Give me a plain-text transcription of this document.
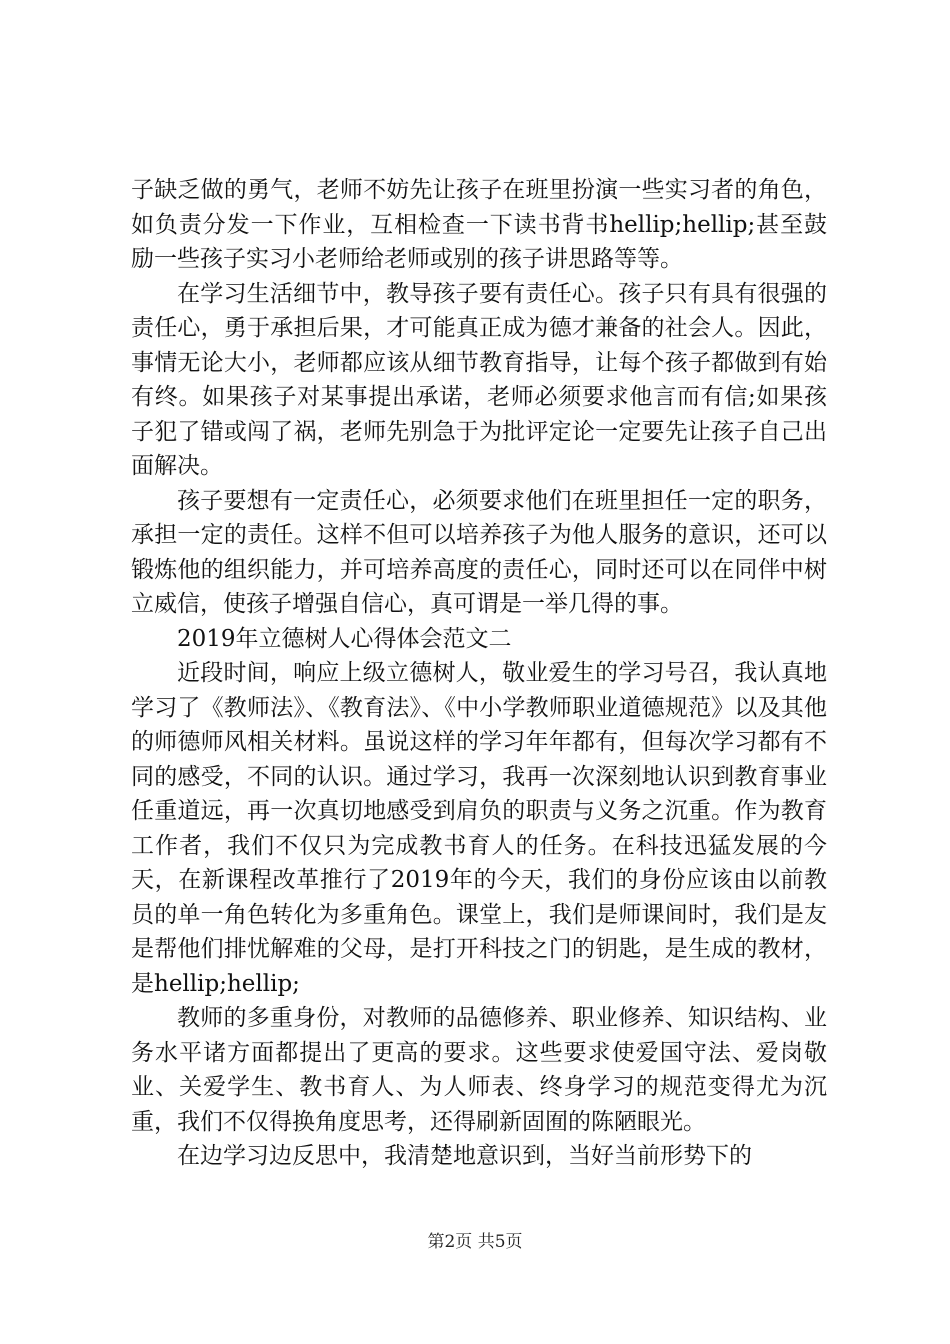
子缺乏做的勇气，老师不妨先让孩子在班里扮演一些实习者的角色，如负责分发一下作业，互相检查一下读书背书hellip;hellip;甚至鼓励一些孩子实习小老师给老师或别的孩子讲思路等等。

在学习生活细节中，教导孩子要有责任心。孩子只有具有很强的责任心，勇于承担后果，才可能真正成为德才兼备的社会人。因此，事情无论大小，老师都应该从细节教育指导，让每个孩子都做到有始有终。如果孩子对某事提出承诺，老师必须要求他言而有信;如果孩子犯了错或闯了祸，老师先别急于为批评定论一定要先让孩子自己出面解决。

孩子要想有一定责任心，必须要求他们在班里担任一定的职务，承担一定的责任。这样不但可以培养孩子为他人服务的意识，还可以锻炼他的组织能力，并可培养高度的责任心，同时还可以在同伴中树立威信，使孩子增强自信心，真可谓是一举几得的事。

2019年立德树人心得体会范文二

近段时间，响应上级立德树人，敬业爱生的学习号召，我认真地学习了《教师法》、《教育法》、《中小学教师职业道德规范》以及其他的师德师风相关材料。虽说这样的学习年年都有，但每次学习都有不同的感受，不同的认识。通过学习，我再一次深刻地认识到教育事业任重道远，再一次真切地感受到肩负的职责与义务之沉重。作为教育工作者，我们不仅只为完成教书育人的任务。在科技迅猛发展的今天，在新课程改革推行了2019年的今天，我们的身份应该由以前教员的单一角色转化为多重角色。课堂上，我们是师课间时，我们是友是帮他们排忧解难的父母，是打开科技之门的钥匙，是生成的教材，是hellip;hellip;

教师的多重身份，对教师的品德修养、职业修养、知识结构、业务水平诸方面都提出了更高的要求。这些要求使爱国守法、爱岗敬业、关爱学生、教书育人、为人师表、终身学习的规范变得尤为沉重，我们不仅得换角度思考，还得刷新固囿的陈陋眼光。

在边学习边反思中，我清楚地意识到，当好当前形势下的

第2页 共5页
